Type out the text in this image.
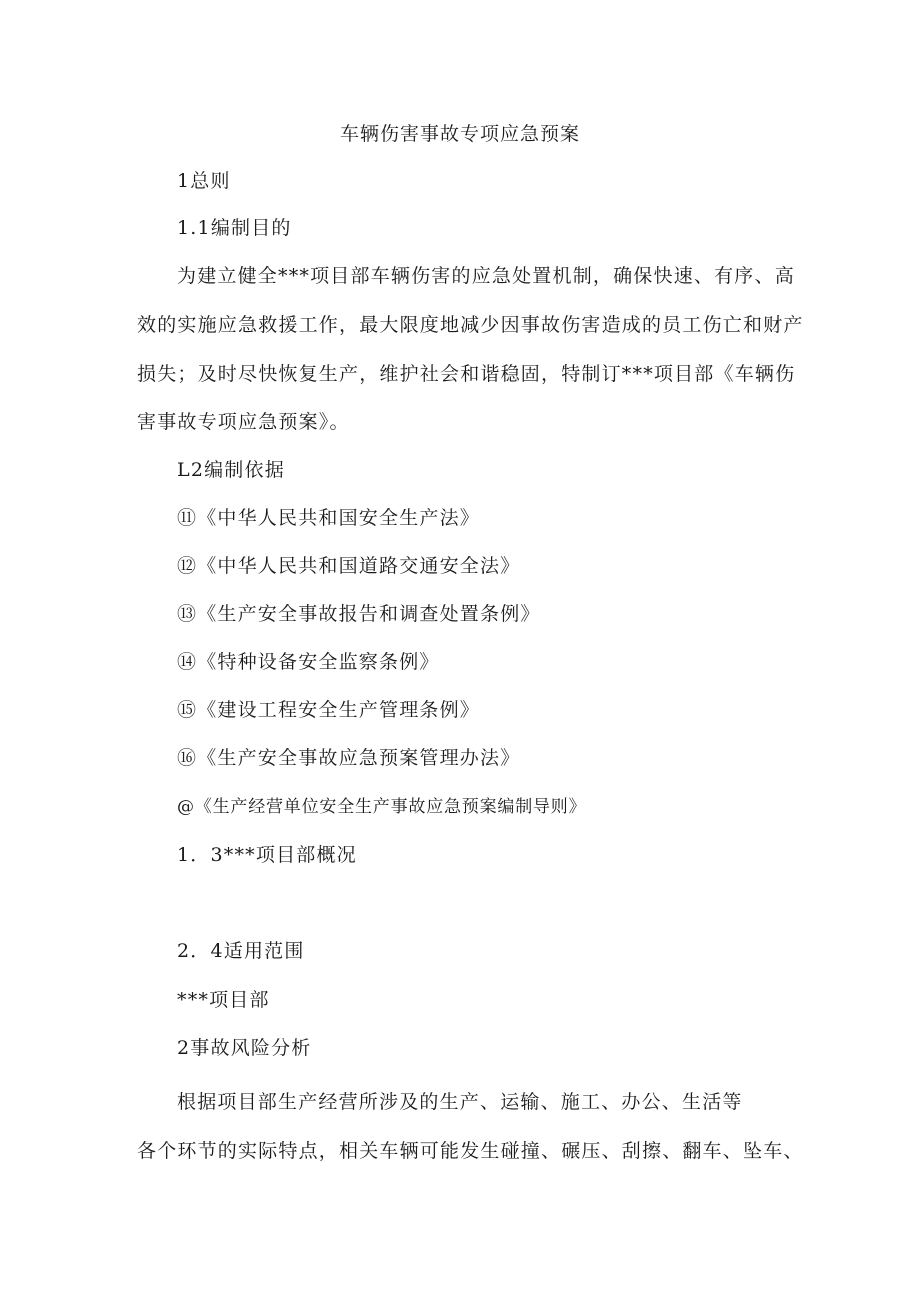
车辆伤害事故专项应急预案
1总则
1.1编制目的
为建立健全***项目部车辆伤害的应急处置机制，确保快速、有序、高
效的实施应急救援工作，最大限度地减少因事故伤害造成的员工伤亡和财产
损失；及时尽快恢复生产，维护社会和谐稳固，特制订***项目部《车辆伤
害事故专项应急预案》。
L2编制依据
⑪《中华人民共和国安全生产法》
⑫《中华人民共和国道路交通安全法》
⑬《生产安全事故报告和调查处置条例》
⑭《特种设备安全监察条例》
⑮《建设工程安全生产管理条例》
⑯《生产安全事故应急预案管理办法》
@《生产经营单位安全生产事故应急预案编制导则》
1．3***项目部概况
2．4适用范围
***项目部
2事故风险分析
根据项目部生产经营所涉及的生产、运输、施工、办公、生活等
各个环节的实际特点，相关车辆可能发生碰撞、碾压、刮擦、翻车、坠车、
